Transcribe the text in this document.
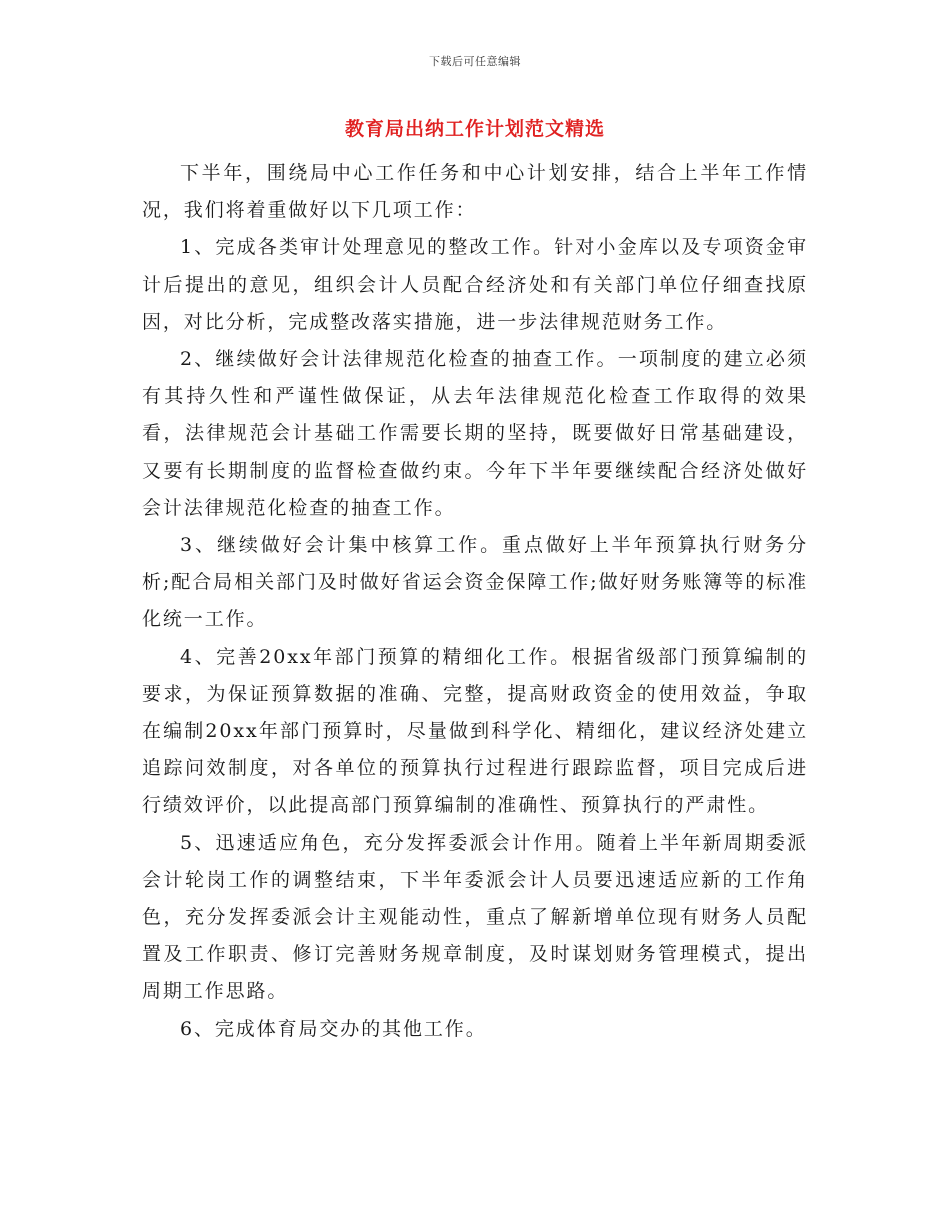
下载后可任意编辑
教育局出纳工作计划范文精选

下半年，围绕局中心工作任务和中心计划安排，结合上半年工作情况，我们将着重做好以下几项工作：

1、完成各类审计处理意见的整改工作。针对小金库以及专项资金审计后提出的意见，组织会计人员配合经济处和有关部门单位仔细查找原因，对比分析，完成整改落实措施，进一步法律规范财务工作。

2、继续做好会计法律规范化检查的抽查工作。一项制度的建立必须有其持久性和严谨性做保证，从去年法律规范化检查工作取得的效果看，法律规范会计基础工作需要长期的坚持，既要做好日常基础建设，又要有长期制度的监督检查做约束。今年下半年要继续配合经济处做好会计法律规范化检查的抽查工作。

3、继续做好会计集中核算工作。重点做好上半年预算执行财务分析;配合局相关部门及时做好省运会资金保障工作;做好财务账簿等的标准化统一工作。

4、完善20xx年部门预算的精细化工作。根据省级部门预算编制的要求，为保证预算数据的准确、完整，提高财政资金的使用效益，争取在编制20xx年部门预算时，尽量做到科学化、精细化，建议经济处建立追踪问效制度，对各单位的预算执行过程进行跟踪监督，项目完成后进行绩效评价，以此提高部门预算编制的准确性、预算执行的严肃性。

5、迅速适应角色，充分发挥委派会计作用。随着上半年新周期委派会计轮岗工作的调整结束，下半年委派会计人员要迅速适应新的工作角色，充分发挥委派会计主观能动性，重点了解新增单位现有财务人员配置及工作职责、修订完善财务规章制度，及时谋划财务管理模式，提出周期工作思路。

6、完成体育局交办的其他工作。
